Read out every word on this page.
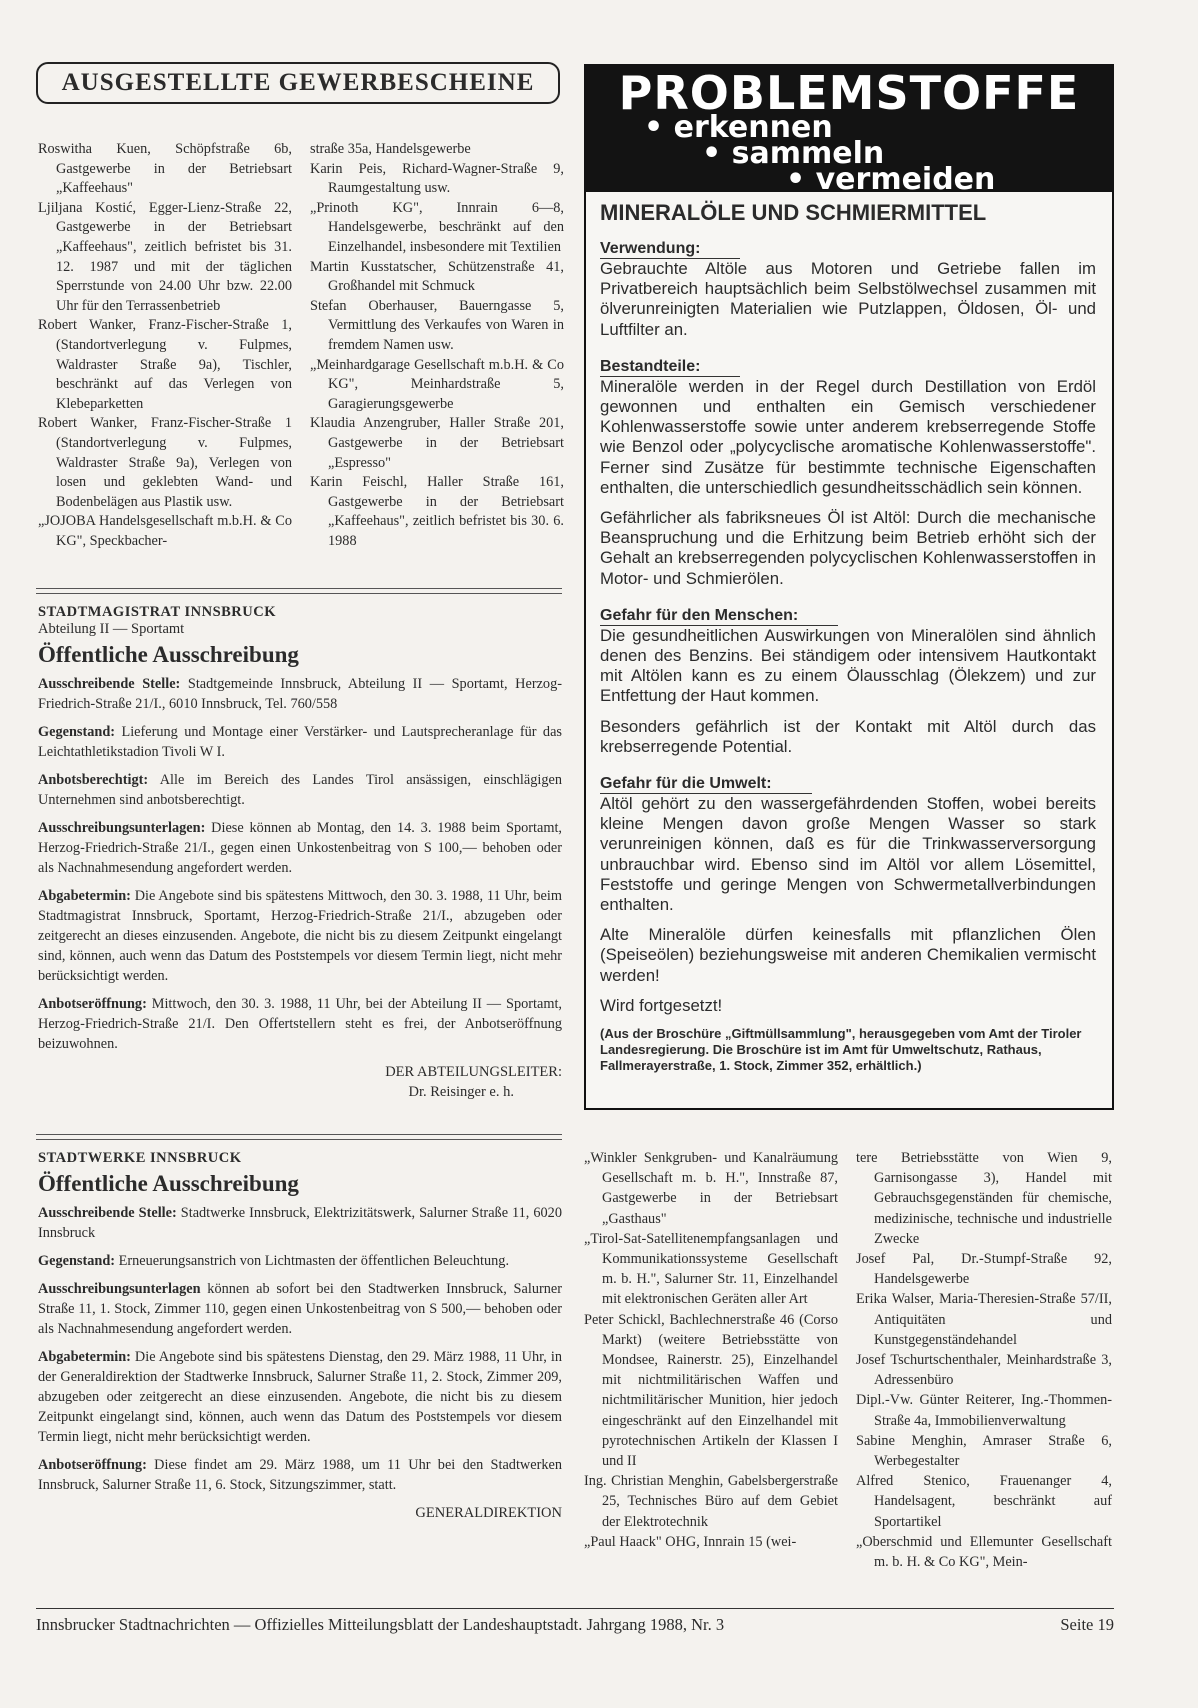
AUSGESTELLTE GEWERBESCHEINE
Roswitha Kuen, Schöpfstraße 6b, Gastgewerbe in der Betriebsart „Kaffeehaus"
Ljiljana Kostić, Egger-Lienz-Straße 22, Gastgewerbe in der Betriebsart „Kaffeehaus", zeitlich befristet bis 31. 12. 1987 und mit der täglichen Sperrstunde von 24.00 Uhr bzw. 22.00 Uhr für den Terrassenbetrieb
Robert Wanker, Franz-Fischer-Straße 1, (Standortverlegung v. Fulpmes, Waldraster Straße 9a), Tischler, beschränkt auf das Verlegen von Klebeparketten
Robert Wanker, Franz-Fischer-Straße 1 (Standortverlegung v. Fulpmes, Waldraster Straße 9a), Verlegen von losen und geklebten Wand- und Bodenbelägen aus Plastik usw.
„JOJOBA Handelsgesellschaft m.b.H. & Co KG", Speckbacher-
straße 35a, Handelsgewerbe
Karin Peis, Richard-Wagner-Straße 9, Raumgestaltung usw.
„Prinoth KG", Innrain 6—8, Handelsgewerbe, beschränkt auf den Einzelhandel, insbesondere mit Textilien
Martin Kusstatscher, Schützenstraße 41, Großhandel mit Schmuck
Stefan Oberhauser, Bauerngasse 5, Vermittlung des Verkaufes von Waren in fremdem Namen usw.
„Meinhardgarage Gesellschaft m.b.H. & Co KG", Meinhardstraße 5, Garagierungsgewerbe
Klaudia Anzengruber, Haller Straße 201, Gastgewerbe in der Betriebsart „Espresso"
Karin Feischl, Haller Straße 161, Gastgewerbe in der Betriebsart „Kaffeehaus", zeitlich befristet bis 30. 6. 1988
STADTMAGISTRAT INNSBRUCK
Abteilung II — Sportamt
Öffentliche Ausschreibung

Ausschreibende Stelle: Stadtgemeinde Innsbruck, Abteilung II — Sportamt, Herzog-Friedrich-Straße 21/I., 6010 Innsbruck, Tel. 760/558

Gegenstand: Lieferung und Montage einer Verstärker- und Lautsprecheranlage für das Leichtathletikstadion Tivoli W I.

Anbotsberechtigt: Alle im Bereich des Landes Tirol ansässigen, einschlägigen Unternehmen sind anbotsberechtigt.

Ausschreibungsunterlagen: Diese können ab Montag, den 14. 3. 1988 beim Sportamt, Herzog-Friedrich-Straße 21/I., gegen einen Unkostenbeitrag von S 100,— behoben oder als Nachnahmesendung angefordert werden.

Abgabetermin: Die Angebote sind bis spätestens Mittwoch, den 30. 3. 1988, 11 Uhr, beim Stadtmagistrat Innsbruck, Sportamt, Herzog-Friedrich-Straße 21/I., abzugeben oder zeitgerecht an dieses einzusenden. Angebote, die nicht bis zu diesem Zeitpunkt eingelangt sind, können, auch wenn das Datum des Poststempels vor diesem Termin liegt, nicht mehr berücksichtigt werden.

Anbotseröffnung: Mittwoch, den 30. 3. 1988, 11 Uhr, bei der Abteilung II — Sportamt, Herzog-Friedrich-Straße 21/I. Den Offertstellern steht es frei, der Anbotseröffnung beizuwohnen.

DER ABTEILUNGSLEITER:
Dr. Reisinger e. h.
STADTWERKE INNSBRUCK
Öffentliche Ausschreibung

Ausschreibende Stelle: Stadtwerke Innsbruck, Elektrizitätswerk, Salurner Straße 11, 6020 Innsbruck

Gegenstand: Erneuerungsanstrich von Lichtmasten der öffentlichen Beleuchtung.

Ausschreibungsunterlagen können ab sofort bei den Stadtwerken Innsbruck, Salurner Straße 11, 1. Stock, Zimmer 110, gegen einen Unkostenbeitrag von S 500,— behoben oder als Nachnahmesendung angefordert werden.

Abgabetermin: Die Angebote sind bis spätestens Dienstag, den 29. März 1988, 11 Uhr, in der Generaldirektion der Stadtwerke Innsbruck, Salurner Straße 11, 2. Stock, Zimmer 209, abzugeben oder zeitgerecht an diese einzusenden. Angebote, die nicht bis zu diesem Zeitpunkt eingelangt sind, können, auch wenn das Datum des Poststempels vor diesem Termin liegt, nicht mehr berücksichtigt werden.

Anbotseröffnung: Diese findet am 29. März 1988, um 11 Uhr bei den Stadtwerken Innsbruck, Salurner Straße 11, 6. Stock, Sitzungszimmer, statt.

GENERALDIREKTION
PROBLEMSTOFFE
• erkennen
• sammeln
• vermeiden
MINERALÖLE UND SCHMIERMITTEL
Verwendung:

Gebrauchte Altöle aus Motoren und Getriebe fallen im Privatbereich hauptsächlich beim Selbstölwechsel zusammen mit ölverunreinigten Materialien wie Putzlappen, Öldosen, Öl- und Luftfilter an.

Bestandteile:

Mineralöle werden in der Regel durch Destillation von Erdöl gewonnen und enthalten ein Gemisch verschiedener Kohlenwasserstoffe sowie unter anderem krebserregende Stoffe wie Benzol oder „polycyclische aromatische Kohlenwasserstoffe". Ferner sind Zusätze für bestimmte technische Eigenschaften enthalten, die unterschiedlich gesundheitsschädlich sein können.

Gefährlicher als fabriksneues Öl ist Altöl: Durch die mechanische Beanspruchung und die Erhitzung beim Betrieb erhöht sich der Gehalt an krebserregenden polycyclischen Kohlenwasserstoffen in Motor- und Schmierölen.

Gefahr für den Menschen:

Die gesundheitlichen Auswirkungen von Mineralölen sind ähnlich denen des Benzins. Bei ständigem oder intensivem Hautkontakt mit Altölen kann es zu einem Ölausschlag (Ölekzem) und zur Entfettung der Haut kommen.

Besonders gefährlich ist der Kontakt mit Altöl durch das krebserregende Potential.

Gefahr für die Umwelt:

Altöl gehört zu den wassergefährdenden Stoffen, wobei bereits kleine Mengen davon große Mengen Wasser so stark verunreinigen können, daß es für die Trinkwasserversorgung unbrauchbar wird. Ebenso sind im Altöl vor allem Lösemittel, Feststoffe und geringe Mengen von Schwermetallverbindungen enthalten.

Alte Mineralöle dürfen keinesfalls mit pflanzlichen Ölen (Speiseölen) beziehungsweise mit anderen Chemikalien vermischt werden!

Wird fortgesetzt!

(Aus der Broschüre „Giftmüllsammlung", herausgegeben vom Amt der Tiroler Landesregierung. Die Broschüre ist im Amt für Umweltschutz, Rathaus, Fallmerayerstraße, 1. Stock, Zimmer 352, erhältlich.)
„Winkler Senkgruben- und Kanalräumung Gesellschaft m. b. H.", Innstraße 87, Gastgewerbe in der Betriebsart „Gasthaus"
„Tirol-Sat-Satellitenempfangsanlagen und Kommunikationssysteme Gesellschaft m. b. H.", Salurner Str. 11, Einzelhandel mit elektronischen Geräten aller Art
Peter Schickl, Bachlechnerstraße 46 (Corso Markt) (weitere Betriebsstätte von Mondsee, Rainerstr. 25), Einzelhandel mit nichtmilitärischen Waffen und nichtmilitärischer Munition, hier jedoch eingeschränkt auf den Einzelhandel mit pyrotechnischen Artikeln der Klassen I und II
Ing. Christian Menghin, Gabelsbergerstraße 25, Technisches Büro auf dem Gebiet der Elektrotechnik
„Paul Haack" OHG, Innrain 15 (wei-
tere Betriebsstätte von Wien 9, Garnisongasse 3), Handel mit Gebrauchsgegenständen für chemische, medizinische, technische und industrielle Zwecke
Josef Pal, Dr.-Stumpf-Straße 92, Handelsgewerbe
Erika Walser, Maria-Theresien-Straße 57/II, Antiquitäten und Kunstgegenständehandel
Josef Tschurtschenthaler, Meinhardstraße 3, Adressenbüro
Dipl.-Vw. Günter Reiterer, Ing.-Thommen-Straße 4a, Immobilienverwaltung
Sabine Menghin, Amraser Straße 6, Werbegestalter
Alfred Stenico, Frauenanger 4, Handelsagent, beschränkt auf Sportartikel
„Oberschmid und Ellemunter Gesellschaft m. b. H. & Co KG", Mein-
Innsbrucker Stadtnachrichten — Offizielles Mitteilungsblatt der Landeshauptstadt. Jahrgang 1988, Nr. 3	Seite 19
